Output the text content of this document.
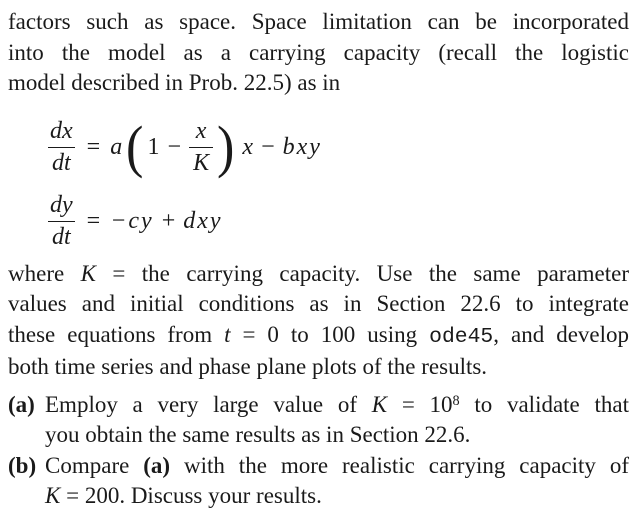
factors such as space. Space limitation can be incorporated
into the model as a carrying capacity (recall the logistic
model described in Prob. 22.5) as in
$\frac{dx}{dt} = a$ ( $1 - \frac{x}{K}$ ) x − bxy
$\frac{dy}{dt} = -cy$ + dxy
where K = the carrying capacity. Use the same parameter
values and initial conditions as in Section 22.6 to integrate
these equations from t = 0 to 100 using ode45, and develop
both time series and phase plane plots of the results.
(a) Employ a very large value of $K = 10^8$ to validate that
you obtain the same results as in Section 22.6.
(b) Compare (a) with the more realistic carrying capacity of
K = 200. Discuss your results.
